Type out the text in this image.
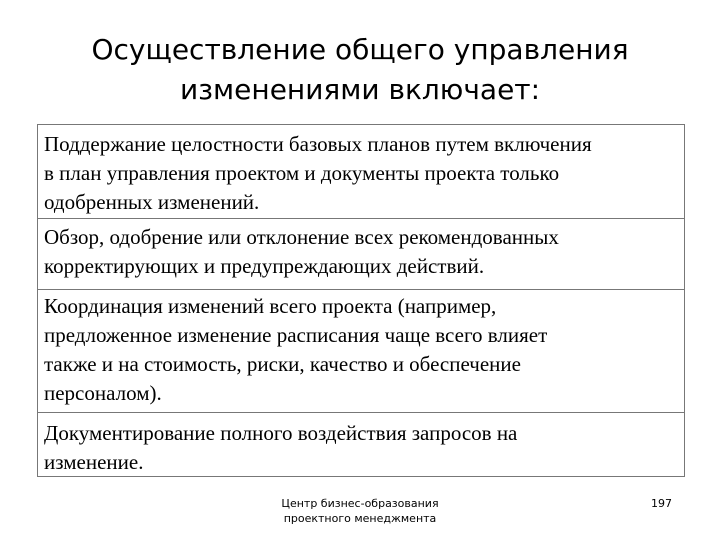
Осуществление общего управления
изменениями включает:
Поддержание целостности базовых планов путем включения
в план управления проектом и документы проекта только
одобренных изменений.
Обзор, одобрение или отклонение всех рекомендованных
корректирующих и предупреждающих действий.
Координация изменений всего проекта (например,
предложенное изменение расписания чаще всего влияет
также и на стоимость, риски, качество и обеспечение
персоналом).
Документирование полного воздействия запросов на
изменение.
Центр бизнес-образования
проектного менеджмента
197
